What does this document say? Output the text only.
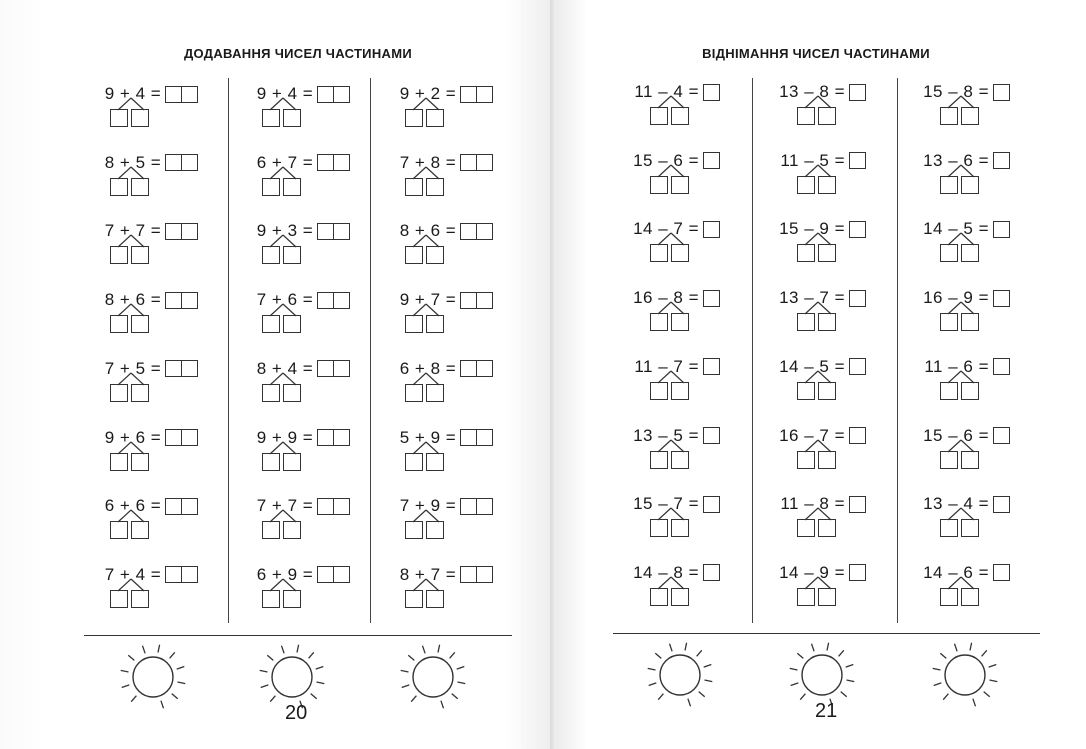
ДОДАВАННЯ ЧИСЕЛ ЧАСТИНАМИ	ВІДНІМАННЯ ЧИСЕЛ ЧАСТИНАМИ
9 + 4 =
8 + 5 =
7 + 7 =
8 + 6 =
7 + 5 =
9 + 6 =
6 + 6 =
7 + 4 =
9 + 4 =
6 + 7 =
9 + 3 =
7 + 6 =
8 + 4 =
9 + 9 =
7 + 7 =
6 + 9 =
9 + 2 =
7 + 8 =
8 + 6 =
9 + 7 =
6 + 8 =
5 + 9 =
7 + 9 =
8 + 7 =
11 – 4 =
15 – 6 =
14 – 7 =
16 – 8 =
11 – 7 =
13 – 5 =
15 – 7 =
14 – 8 =
13 – 8 =
11 – 5 =
15 – 9 =
13 – 7 =
14 – 5 =
16 – 7 =
11 – 8 =
14 – 9 =
15 – 8 =
13 – 6 =
14 – 5 =
16 – 9 =
11 – 6 =
15 – 6 =
13 – 4 =
14 – 6 =
20	21
